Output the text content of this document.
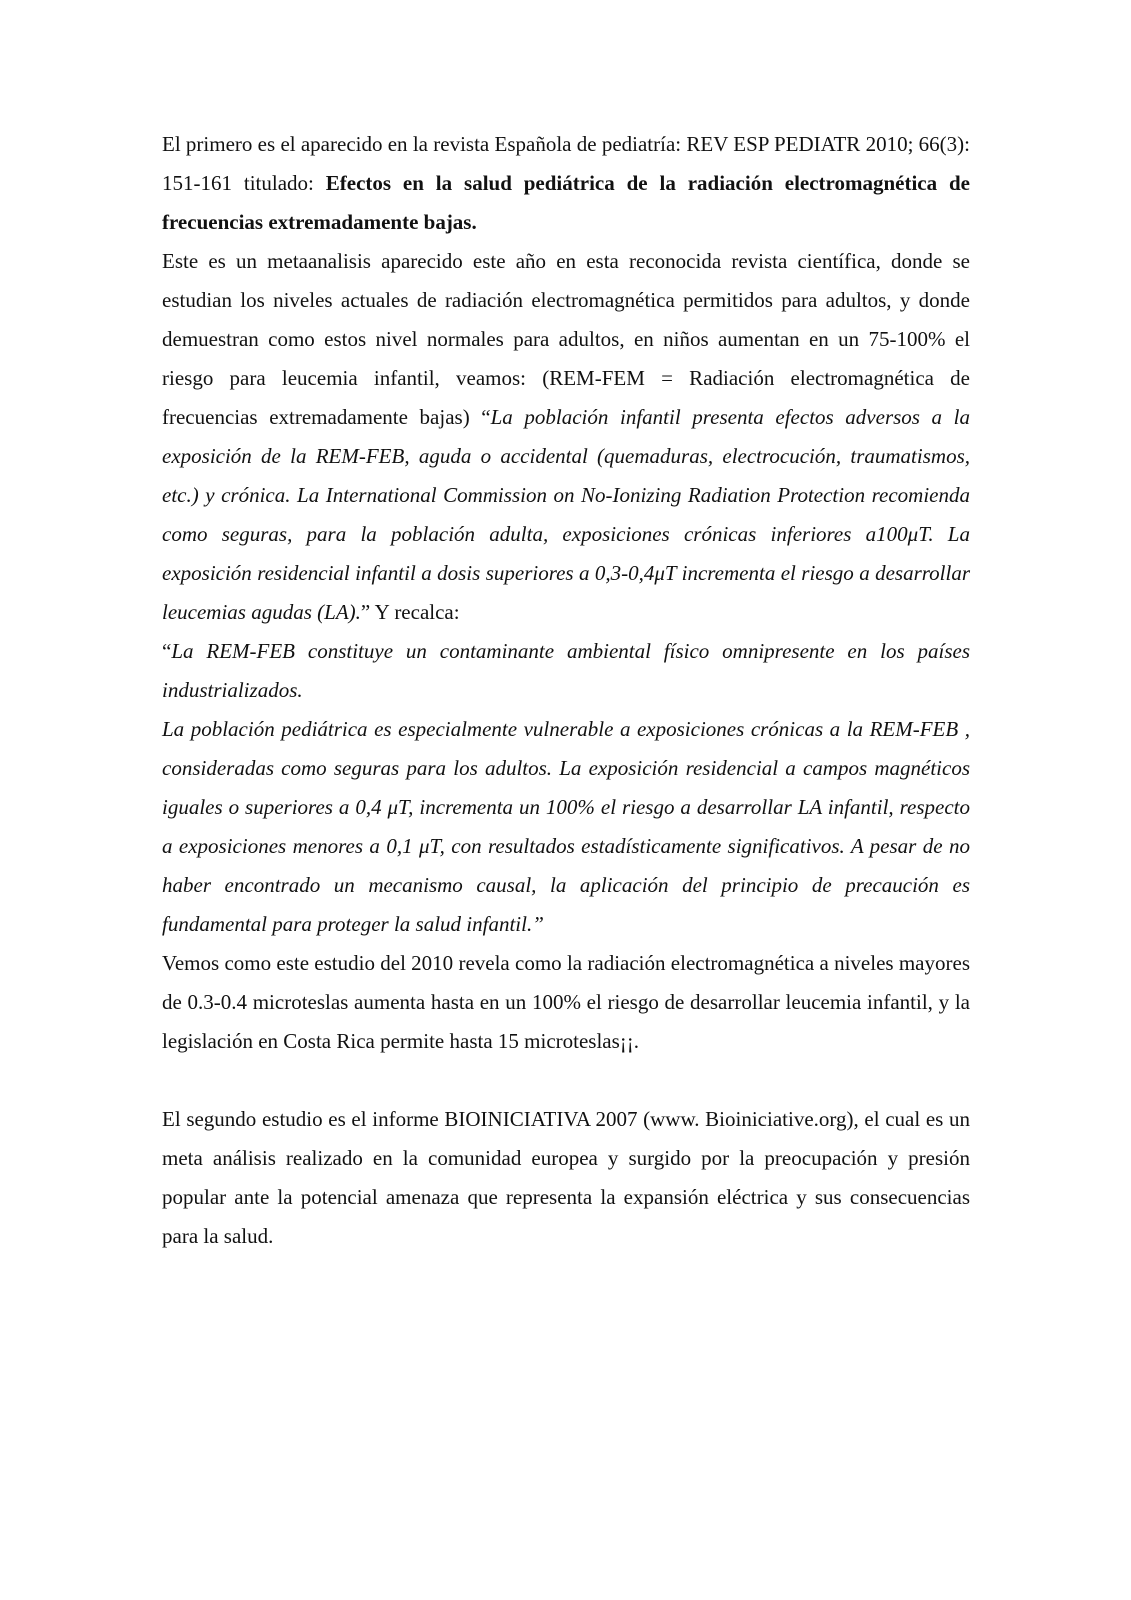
El primero es el aparecido en la revista Española de pediatría: REV ESP PEDIATR 2010; 66(3): 151-161 titulado: Efectos en la salud pediátrica de la radiación electromagnética de frecuencias extremadamente bajas.

Este es un metaanalisis aparecido este año en esta reconocida revista científica, donde se estudian los niveles actuales de radiación electromagnética permitidos para adultos, y donde demuestran como estos nivel normales para adultos, en niños aumentan en un 75-100% el riesgo para leucemia infantil, veamos: (REM-FEM = Radiación electromagnética de frecuencias extremadamente bajas) “La población infantil presenta efectos adversos a la exposición de la REM-FEB, aguda o accidental (quemaduras, electrocución, traumatismos, etc.) y crónica. La International Commission on No-Ionizing Radiation Protection recomienda como seguras, para la población adulta, exposiciones crónicas inferiores a100μT. La exposición residencial infantil a dosis superiores a 0,3-0,4μT incrementa el riesgo a desarrollar leucemias agudas (LA).” Y recalca:

“La REM-FEB constituye un contaminante ambiental físico omnipresente en los países industrializados.

La población pediátrica es especialmente vulnerable a exposiciones crónicas a la REM-FEB , consideradas como seguras para los adultos. La exposición residencial a campos magnéticos iguales o superiores a 0,4 μT, incrementa un 100% el riesgo a desarrollar LA infantil, respecto a exposiciones menores a 0,1 μT, con resultados estadísticamente significativos. A pesar de no haber encontrado un mecanismo causal, la aplicación del principio de precaución es fundamental para proteger la salud infantil.”

Vemos como este estudio del 2010 revela como la radiación electromagnética a niveles mayores de 0.3-0.4 microteslas aumenta hasta en un 100% el riesgo de desarrollar leucemia infantil, y la legislación en Costa Rica permite hasta 15 microteslas¡¡.

El segundo estudio es el informe BIOINICIATIVA 2007 (www. Bioiniciative.org), el cual es un meta análisis realizado en la comunidad europea y surgido por la preocupación y presión popular ante la potencial amenaza que representa la expansión eléctrica y sus consecuencias para la salud.
